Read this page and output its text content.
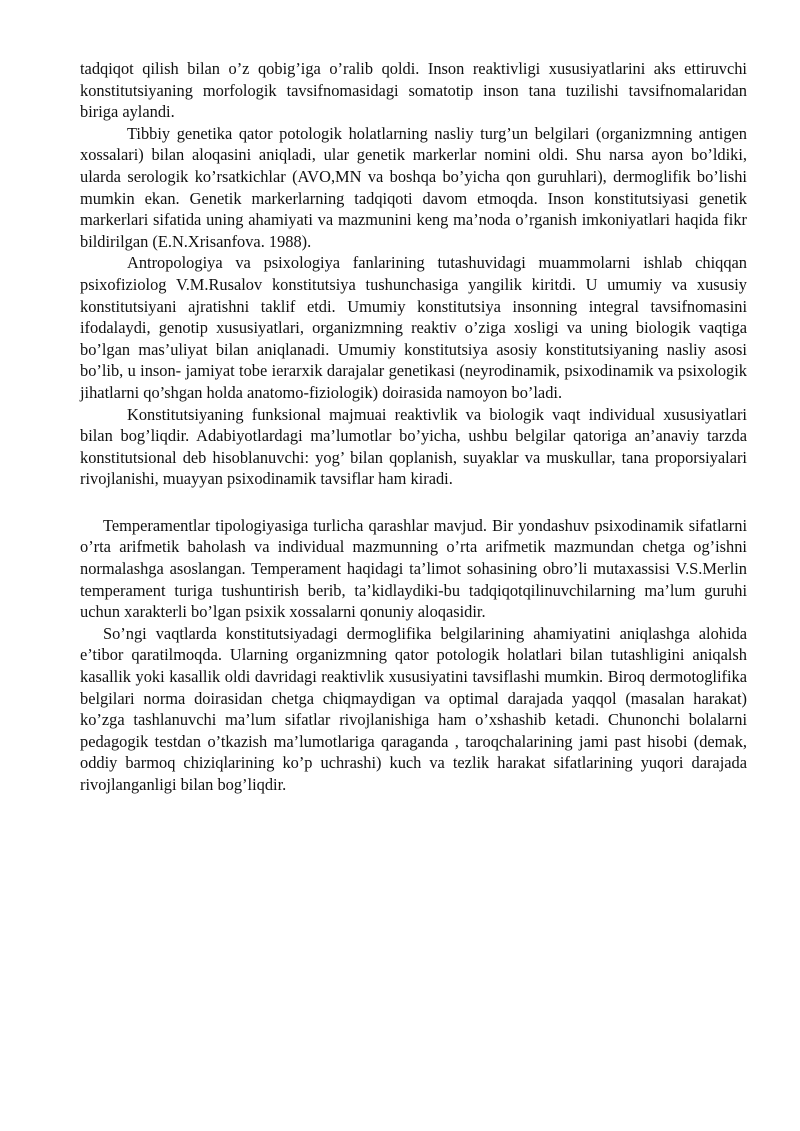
tadqiqot qilish bilan o’z qobig’iga o’ralib qoldi. Inson reaktivligi xususiyatlarini aks ettiruvchi konstitutsiyaning morfologik tavsifnomasidagi somatotip inson tana tuzilishi tavsifnomalaridan biriga aylandi.

Tibbiy genetika qator potologik holatlarning nasliy turg’un belgilari (organizmning antigen xossalari) bilan aloqasini aniqladi, ular genetik markerlar nomini oldi. Shu narsa ayon bo’ldiki, ularda serologik ko’rsatkichlar (AVO,MN va boshqa bo’yicha qon guruhlari), dermoglifik bo’lishi mumkin ekan. Genetik markerlarning tadqiqoti davom etmoqda. Inson konstitutsiyasi genetik markerlari sifatida uning ahamiyati va mazmunini keng ma’noda o’rganish imkoniyatlari haqida fikr bildirilgan (E.N.Xrisanfova. 1988).

Antropologiya va psixologiya fanlarining tutashuvidagi muammolarni ishlab chiqqan psixofiziolog V.M.Rusalov konstitutsiya tushunchasiga yangilik kiritdi. U umumiy va xususiy konstitutsiyani ajratishni taklif etdi. Umumiy konstitutsiya insonning integral tavsifnomasini ifodalaydi, genotip xususiyatlari, organizmning reaktiv o’ziga xosligi va uning biologik vaqtiga bo’lgan mas’uliyat bilan aniqlanadi. Umumiy konstitutsiya asosiy konstitutsiyaning nasliy asosi bo’lib, u inson- jamiyat tobe ierarxik darajalar genetikasi (neyrodinamik, psixodinamik va psixologik jihatlarni qo’shgan holda anatomo-fiziologik) doirasida namoyon bo’ladi.

Konstitutsiyaning funksional majmuai reaktivlik va biologik vaqt individual xususiyatlari bilan bog’liqdir. Adabiyotlardagi ma’lumotlar bo’yicha, ushbu belgilar qatoriga an’anaviy tarzda konstitutsional deb hisoblanuvchi: yog’ bilan qoplanish, suyaklar va muskullar, tana proporsiyalari rivojlanishi, muayyan psixodinamik tavsiflar ham kiradi.

Temperamentlar tipologiyasiga turlicha qarashlar mavjud. Bir yondashuv psixodinamik sifatlarni o’rta arifmetik baholash va individual mazmunning o’rta arifmetik mazmundan chetga og’ishni normalashga asoslangan. Temperament haqidagi ta’limot sohasining obro’li mutaxassisi V.S.Merlin temperament turiga tushuntirish berib, ta’kidlaydiki-bu tadqiqotqilinuvchilarning ma’lum guruhi uchun xarakterli bo’lgan psixik xossalarni qonuniy aloqasidir.

So’ngi vaqtlarda konstitutsiyadagi dermoglifika belgilarining ahamiyatini aniqlashga alohida e’tibor qaratilmoqda. Ularning organizmning qator potologik holatlari bilan tutashligini aniqalsh kasallik yoki kasallik oldi davridagi reaktivlik xususiyatini tavsiflashi mumkin. Biroq dermotoglifika belgilari norma doirasidan chetga chiqmaydigan va optimal darajada yaqqol (masalan harakat) ko’zga tashlanuvchi ma’lum sifatlar rivojlanishiga ham o’xshashib ketadi. Chunonchi bolalarni pedagogik testdan o’tkazish ma’lumotlariga qaraganda , taroqchalarining jami past hisobi (demak, oddiy barmoq chiziqlarining ko’p uchrashi) kuch va tezlik harakat sifatlarining yuqori darajada rivojlanganligi bilan bog’liqdir.
